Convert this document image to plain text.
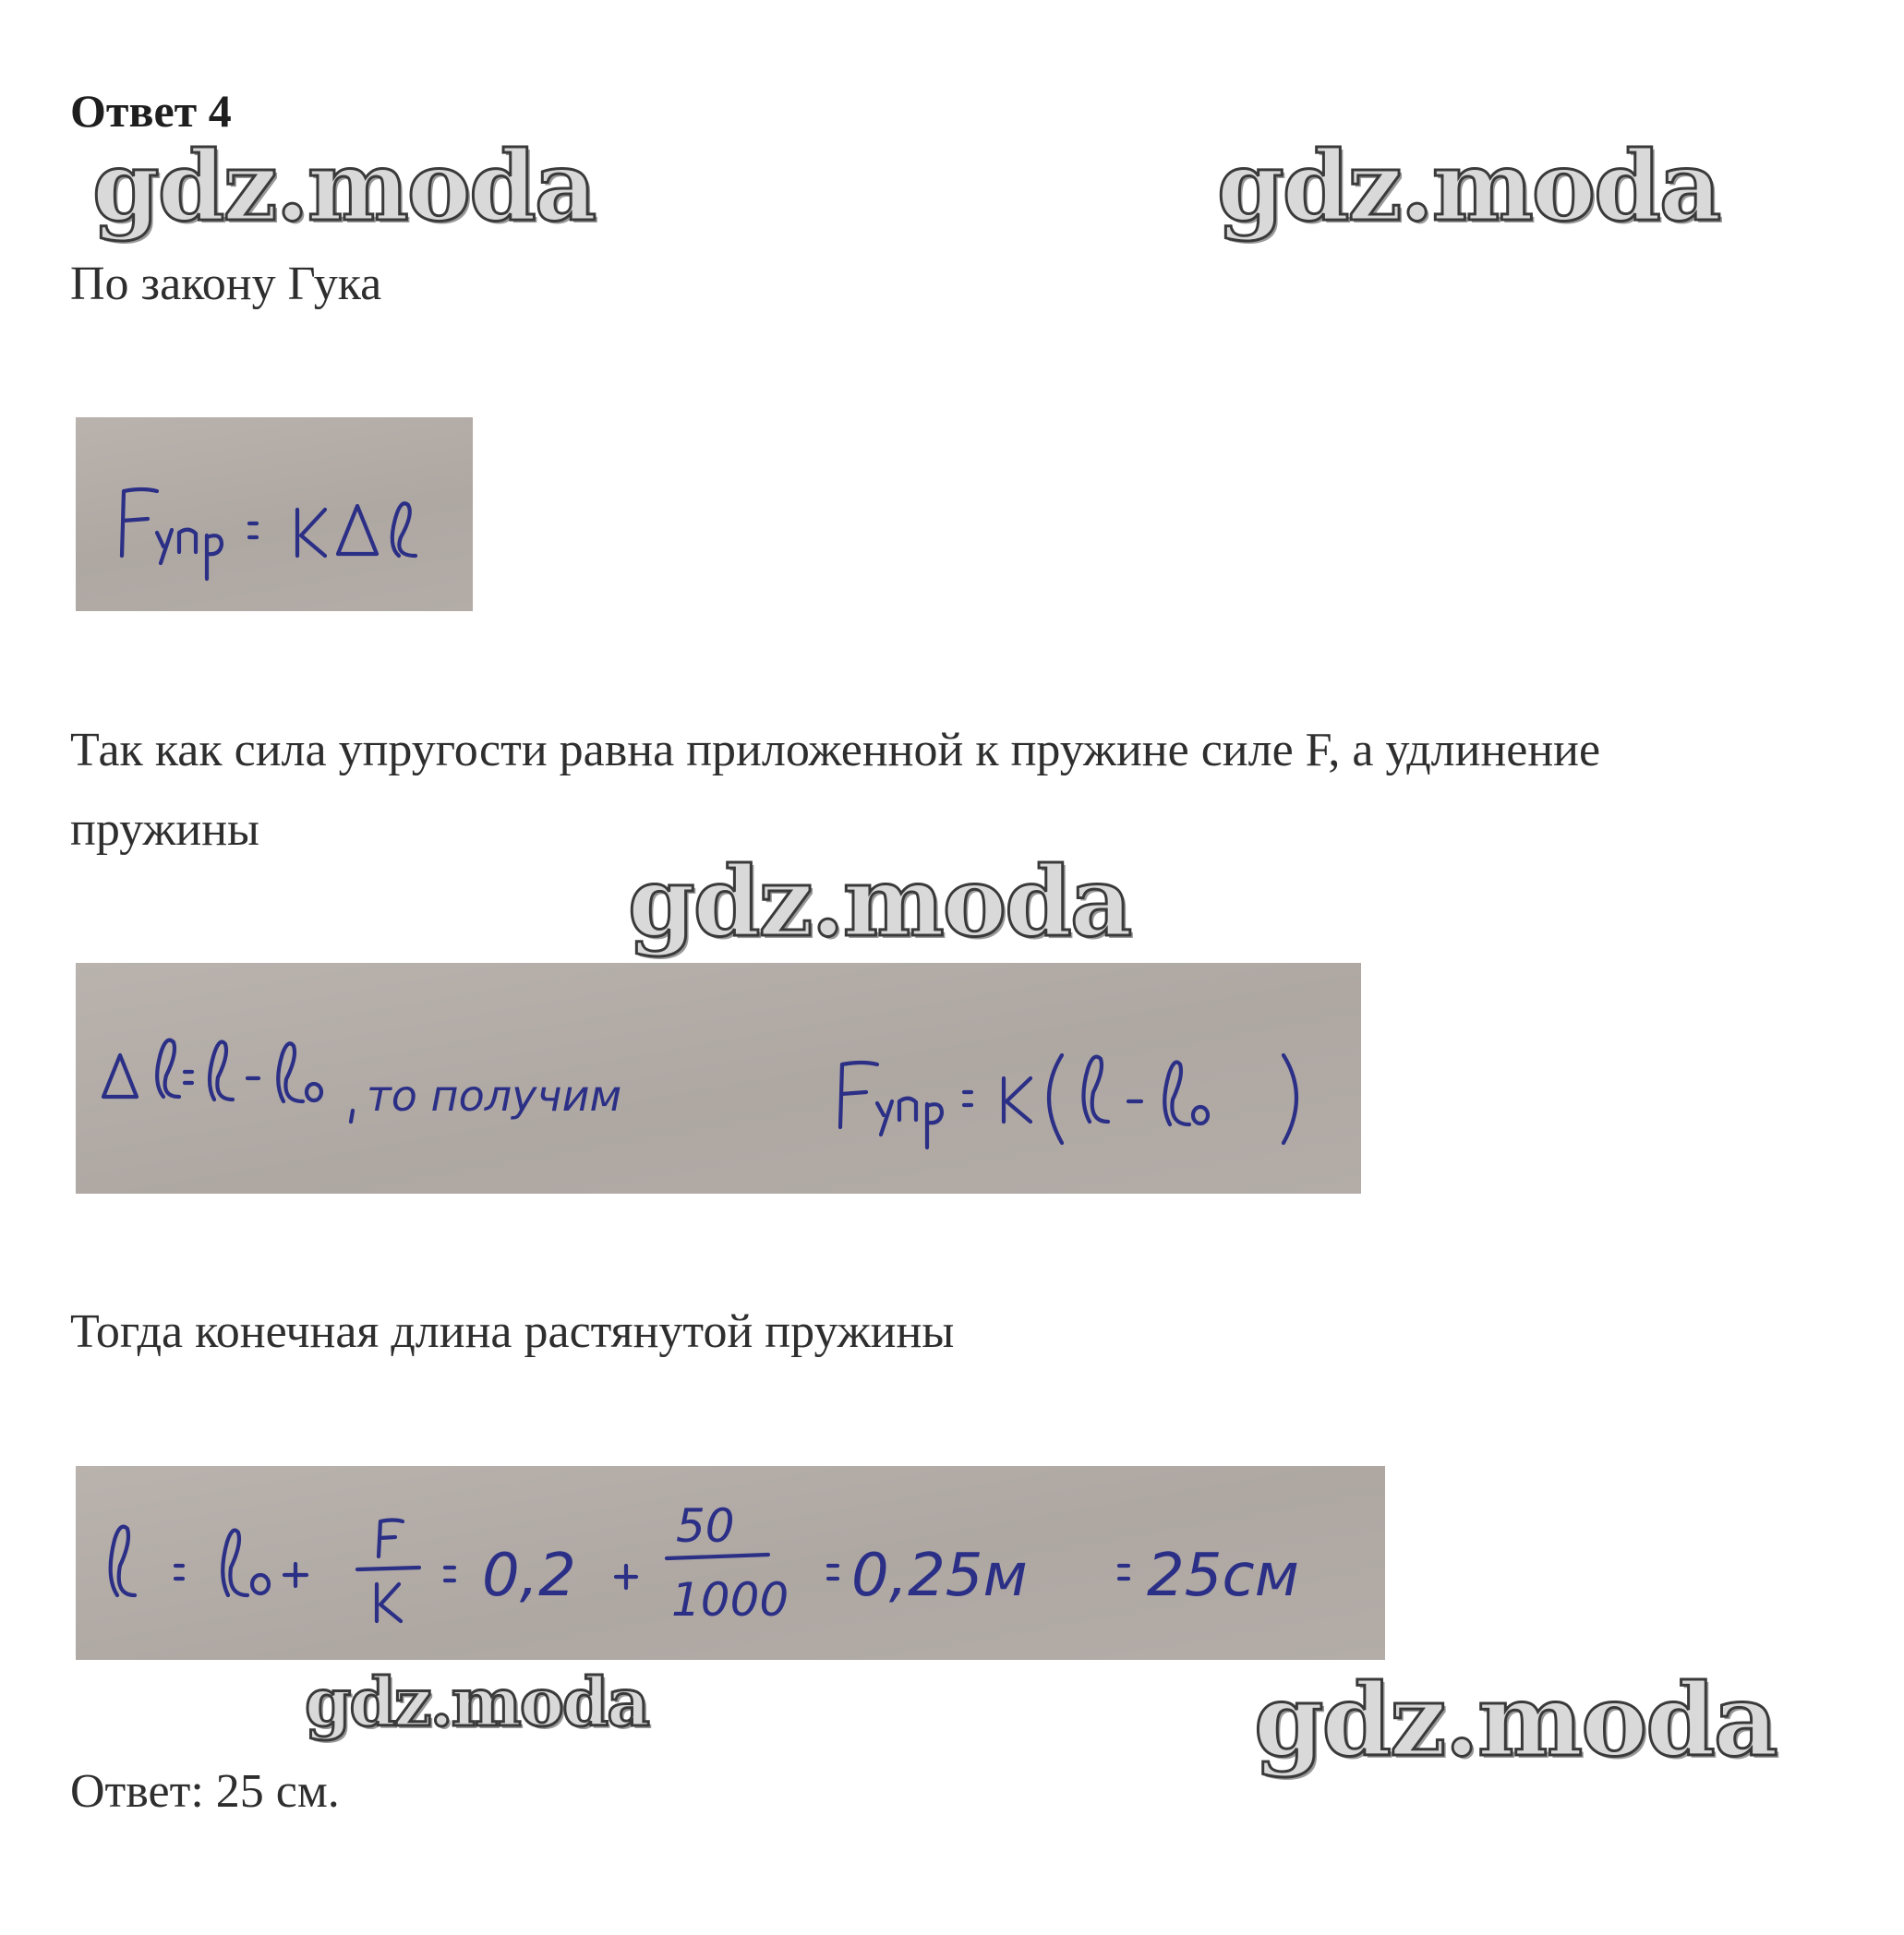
Ответ 4
gdz.moda	gdz.moda
По закону Гука
Так как сила упругости равна приложенной к пружине силе F, а удлинение
пружины
gdz.moda
то получим
Тогда конечная длина растянутой пружины
0,2
50
1000 0,25м 25см
gdz.moda	gdz.moda
Ответ: 25 см.
